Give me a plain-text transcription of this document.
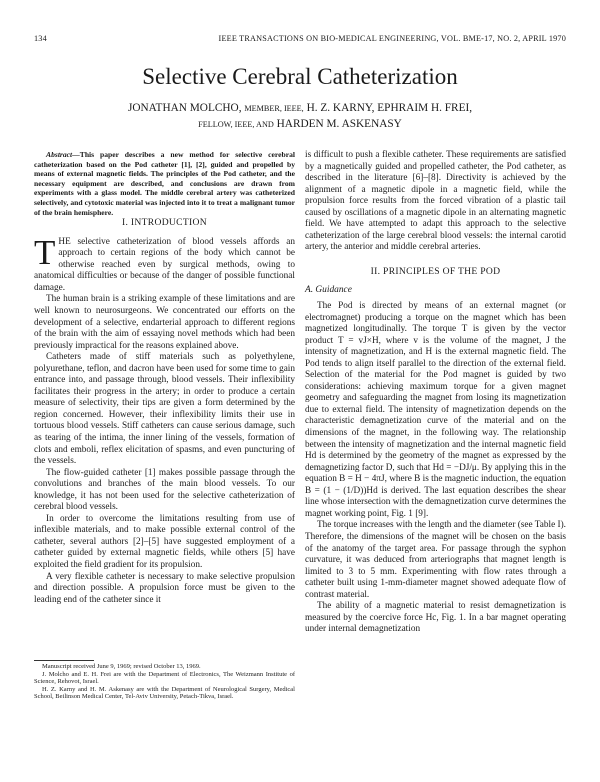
134	IEEE TRANSACTIONS ON BIO-MEDICAL ENGINEERING, VOL. BME-17, NO. 2, APRIL 1970
Selective Cerebral Catheterization
JONATHAN MOLCHO, MEMBER, IEEE, H. Z. KARNY, EPHRAIM H. FREI,
FELLOW, IEEE, AND HARDEN M. ASKENASY

Abstract—This paper describes a new method for selective cerebral catheterization based on the Pod catheter [1], [2], guided and propelled by means of external magnetic fields. The principles of the Pod catheter, and the necessary equipment are described, and conclusions are drawn from experiments with a glass model. The middle cerebral artery was catheterized selectively, and cytotoxic material was injected into it to treat a malignant tumor of the brain hemisphere.

I. INTRODUCTION

THE selective catheterization of blood vessels affords an approach to certain regions of the body which cannot be otherwise reached even by surgical methods, owing to anatomical difficulties or because of the danger of possible functional damage.

The human brain is a striking example of these limitations and are well known to neurosurgeons. We concentrated our efforts on the development of a selective, endarterial approach to different regions of the brain with the aim of essaying novel methods which had been previously impractical for the reasons explained above.

Catheters made of stiff materials such as polyethylene, polyurethane, teflon, and dacron have been used for some time to gain entrance into, and passage through, blood vessels. Their inflexibility facilitates their progress in the artery; in order to produce a certain measure of selectivity, their tips are given a form determined by the region concerned. However, their inflexibility limits their use in tortuous blood vessels. Stiff catheters can cause serious damage, such as tearing of the intima, the inner lining of the vessels, formation of clots and emboli, reflex elicitation of spasms, and even puncturing of the vessels.

The flow-guided catheter [1] makes possible passage through the convolutions and branches of the main blood vessels. To our knowledge, it has not been used for the selective catheterization of cerebral blood vessels.

In order to overcome the limitations resulting from use of inflexible materials, and to make possible external control of the catheter, several authors [2]–[5] have suggested employment of a catheter guided by external magnetic fields, while others [5] have exploited the field gradient for its propulsion.

A very flexible catheter is necessary to make selective propulsion and direction possible. A propulsion force must be given to the leading end of the catheter since it

Manuscript received June 9, 1969; revised October 13, 1969.

J. Molcho and E. H. Frei are with the Department of Electronics, The Weizmann Institute of Science, Rehovot, Israel.

H. Z. Karny and H. M. Askenasy are with the Department of Neurological Surgery, Medical School, Beilinson Medical Center, Tel-Aviv University, Petach-Tikva, Israel.

is difficult to push a flexible catheter. These requirements are satisfied by a magnetically guided and propelled catheter, the Pod catheter, as described in the literature [6]–[8]. Directivity is achieved by the alignment of a magnetic dipole in a magnetic field, while the propulsion force results from the forced vibration of a plastic tail caused by oscillations of a magnetic dipole in an alternating magnetic field. We have attempted to adapt this approach to the selective catheterization of the large cerebral blood vessels: the internal carotid artery, the anterior and middle cerebral arteries.

II. PRINCIPLES OF THE POD
A. Guidance

The Pod is directed by means of an external magnet (or electromagnet) producing a torque on the magnet which has been magnetized longitudinally. The torque T is given by the vector product T = vJ×H, where v is the volume of the magnet, J the intensity of magnetization, and H is the external magnetic field. The Pod tends to align itself parallel to the direction of the external field. Selection of the material for the Pod magnet is guided by two considerations: achieving maximum torque for a given magnet geometry and safeguarding the magnet from losing its magnetization due to external field. The intensity of magnetization depends on the characteristic demagnetization curve of the material and on the dimensions of the magnet, in the following way. The relationship between the intensity of magnetization and the internal magnetic field Hd is determined by the geometry of the magnet as expressed by the demagnetizing factor D, such that Hd = −DJ/μ. By applying this in the equation B = H − 4πJ, where B is the magnetic induction, the equation B = (1 − (1/D))Hd is derived. The last equation describes the shear line whose intersection with the demagnetization curve determines the magnet working point, Fig. 1 [9].

The torque increases with the length and the diameter (see Table I). Therefore, the dimensions of the magnet will be chosen on the basis of the anatomy of the target area. For passage through the syphon curvature, it was deduced from arteriographs that magnet length is limited to 3 to 5 mm. Experimenting with flow rates through a catheter built using 1-mm-diameter magnet showed adequate flow of contrast material.

The ability of a magnetic material to resist demagnetization is measured by the coercive force Hc, Fig. 1. In a bar magnet operating under internal demagnetization
